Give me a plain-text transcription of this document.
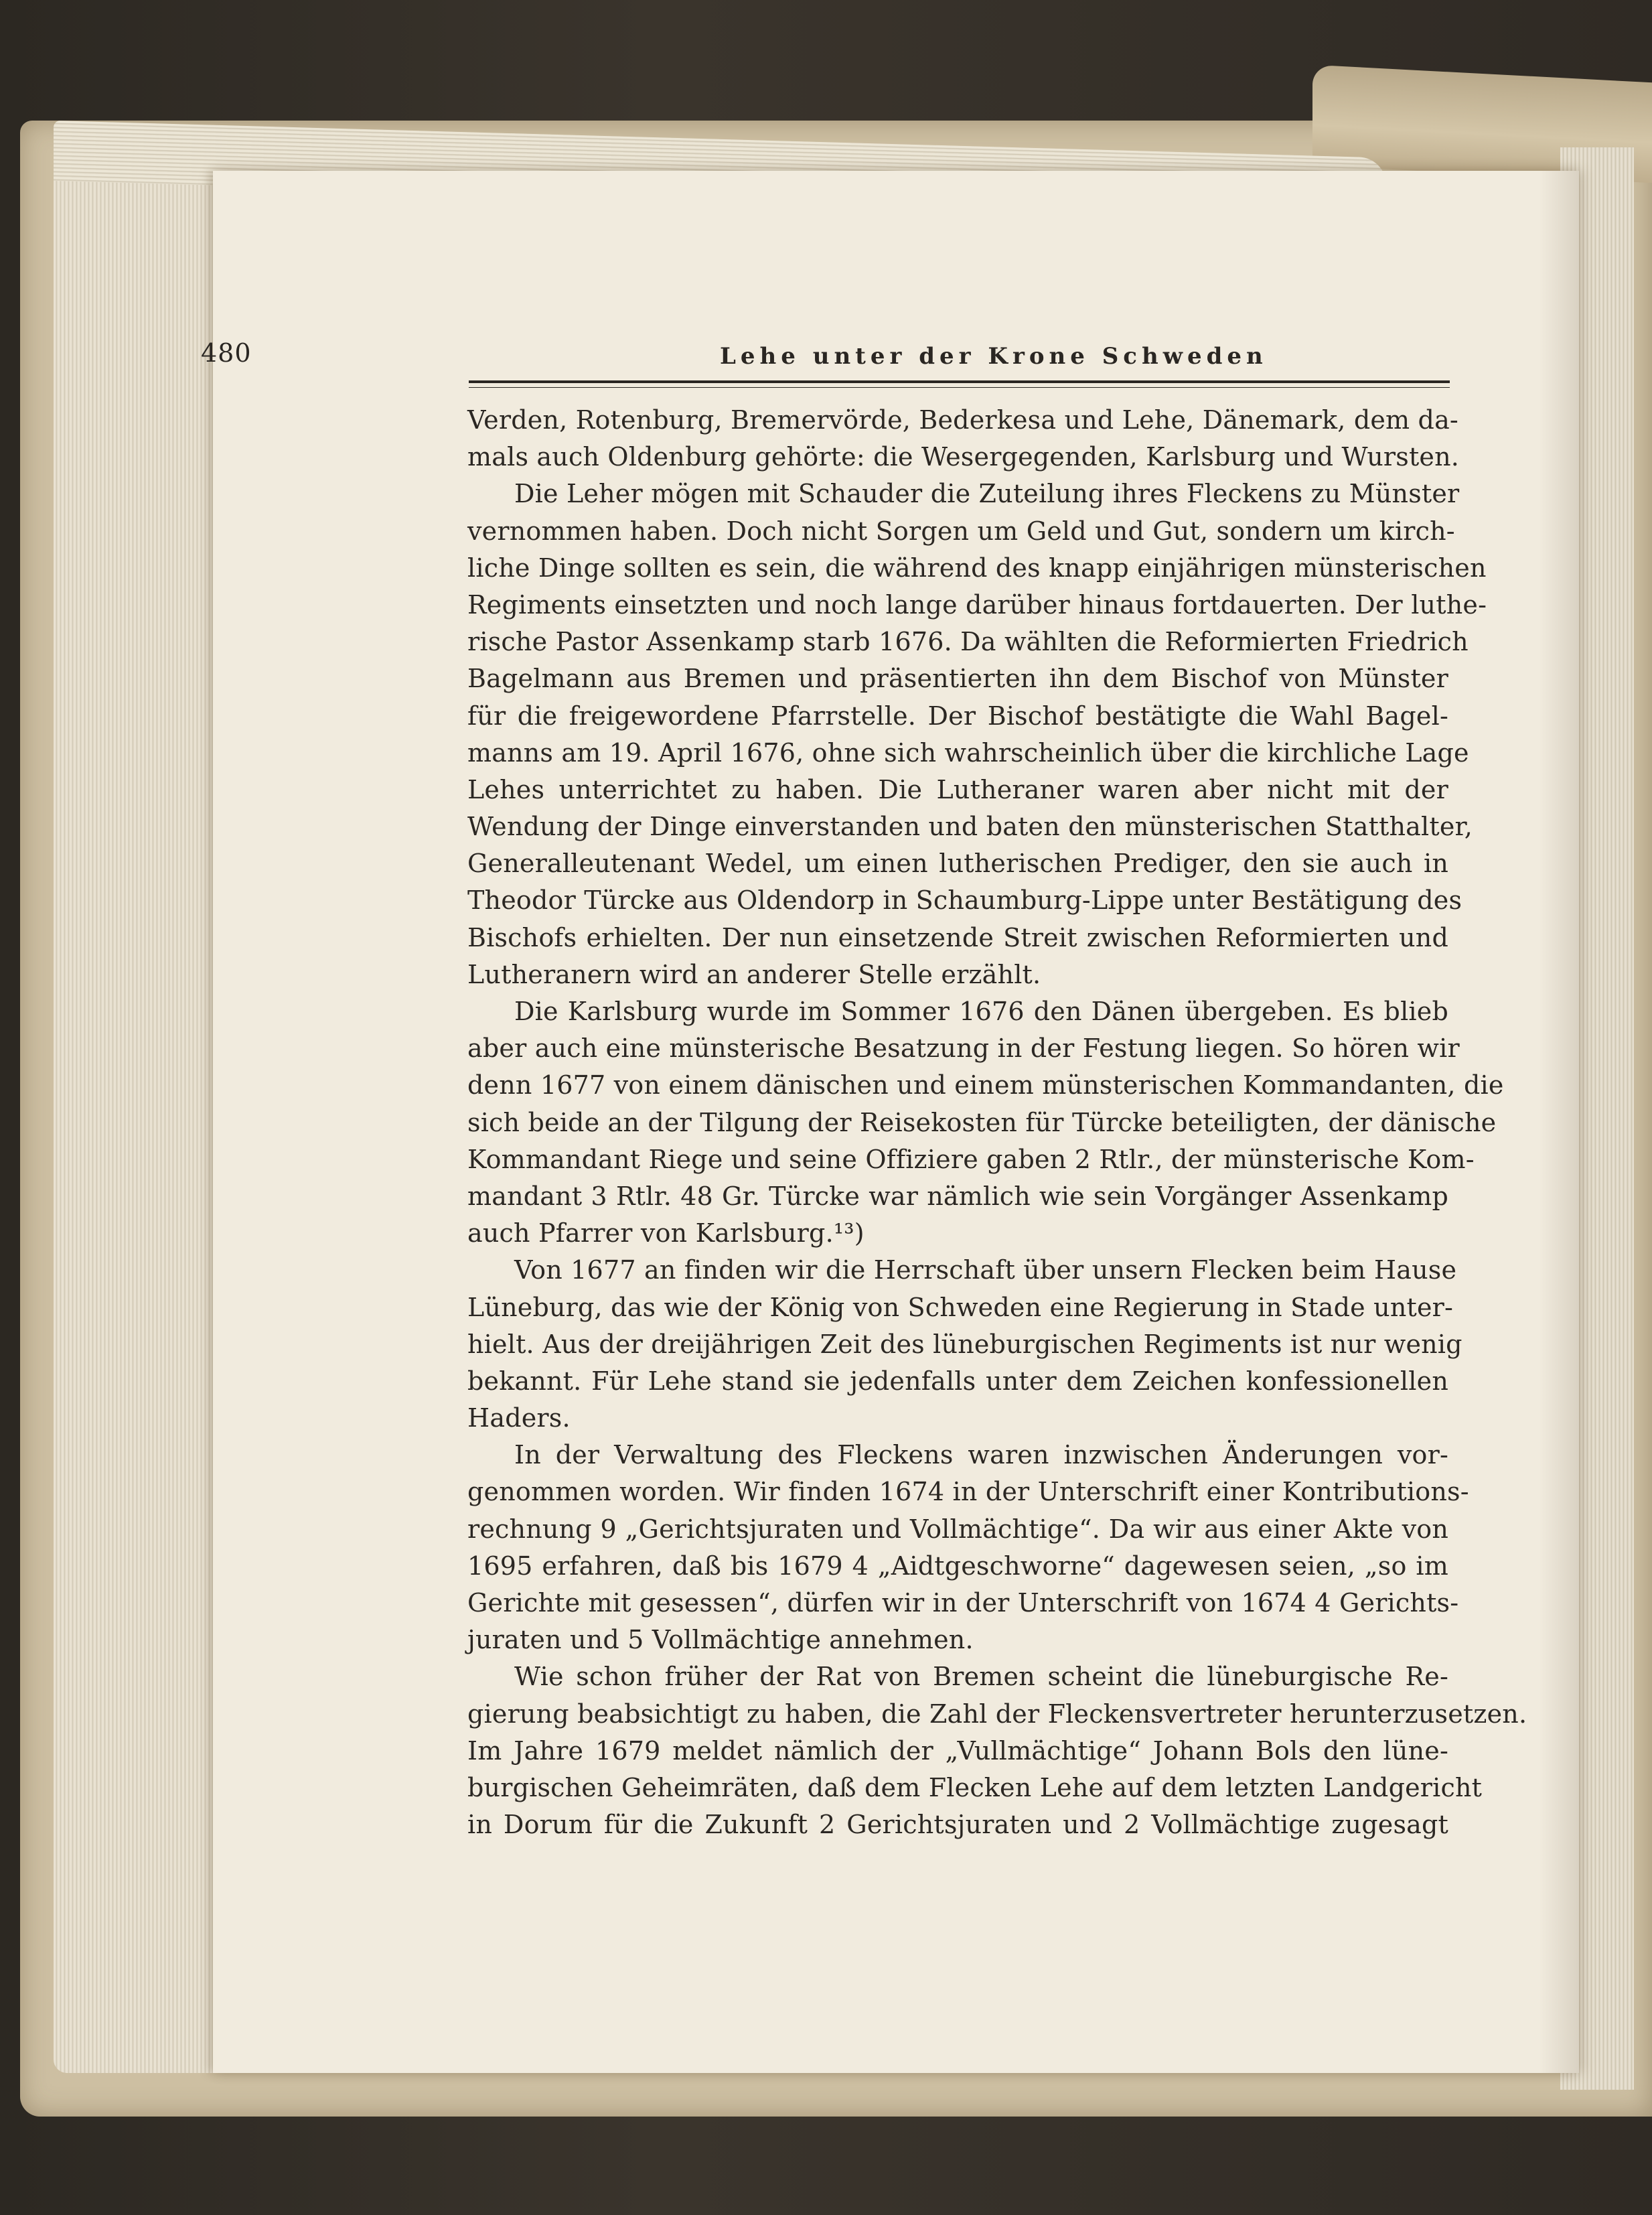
480	Lehe unter der Krone Schweden
Verden, Rotenburg, Bremervörde, Bederkesa und Lehe, Dänemark, dem da-
mals auch Oldenburg gehörte: die Wesergegenden, Karlsburg und Wursten.
Die Leher mögen mit Schauder die Zuteilung ihres Fleckens zu Münster
vernommen haben. Doch nicht Sorgen um Geld und Gut, sondern um kirch-
liche Dinge sollten es sein, die während des knapp einjährigen münsterischen
Regiments einsetzten und noch lange darüber hinaus fortdauerten. Der luthe-
rische Pastor Assenkamp starb 1676. Da wählten die Reformierten Friedrich
Bagelmann aus Bremen und präsentierten ihn dem Bischof von Münster
für die freigewordene Pfarrstelle. Der Bischof bestätigte die Wahl Bagel-
manns am 19. April 1676, ohne sich wahrscheinlich über die kirchliche Lage
Lehes unterrichtet zu haben. Die Lutheraner waren aber nicht mit der
Wendung der Dinge einverstanden und baten den münsterischen Statthalter,
Generalleutenant Wedel, um einen lutherischen Prediger, den sie auch in
Theodor Türcke aus Oldendorp in Schaumburg-Lippe unter Bestätigung des
Bischofs erhielten. Der nun einsetzende Streit zwischen Reformierten und
Lutheranern wird an anderer Stelle erzählt.
Die Karlsburg wurde im Sommer 1676 den Dänen übergeben. Es blieb
aber auch eine münsterische Besatzung in der Festung liegen. So hören wir
denn 1677 von einem dänischen und einem münsterischen Kommandanten, die
sich beide an der Tilgung der Reisekosten für Türcke beteiligten, der dänische
Kommandant Riege und seine Offiziere gaben 2 Rtlr., der münsterische Kom-
mandant 3 Rtlr. 48 Gr. Türcke war nämlich wie sein Vorgänger Assenkamp
auch Pfarrer von Karlsburg.¹³)
Von 1677 an finden wir die Herrschaft über unsern Flecken beim Hause
Lüneburg, das wie der König von Schweden eine Regierung in Stade unter-
hielt. Aus der dreijährigen Zeit des lüneburgischen Regiments ist nur wenig
bekannt. Für Lehe stand sie jedenfalls unter dem Zeichen konfessionellen
Haders.
In der Verwaltung des Fleckens waren inzwischen Änderungen vor-
genommen worden. Wir finden 1674 in der Unterschrift einer Kontributions-
rechnung 9 „Gerichtsjuraten und Vollmächtige“. Da wir aus einer Akte von
1695 erfahren, daß bis 1679 4 „Aidtgeschworne“ dagewesen seien, „so im
Gerichte mit gesessen“, dürfen wir in der Unterschrift von 1674 4 Gerichts-
juraten und 5 Vollmächtige annehmen.
Wie schon früher der Rat von Bremen scheint die lüneburgische Re-
gierung beabsichtigt zu haben, die Zahl der Fleckensvertreter herunterzusetzen.
Im Jahre 1679 meldet nämlich der „Vullmächtige“ Johann Bols den lüne-
burgischen Geheimräten, daß dem Flecken Lehe auf dem letzten Landgericht
in Dorum für die Zukunft 2 Gerichtsjuraten und 2 Vollmächtige zugesagt
